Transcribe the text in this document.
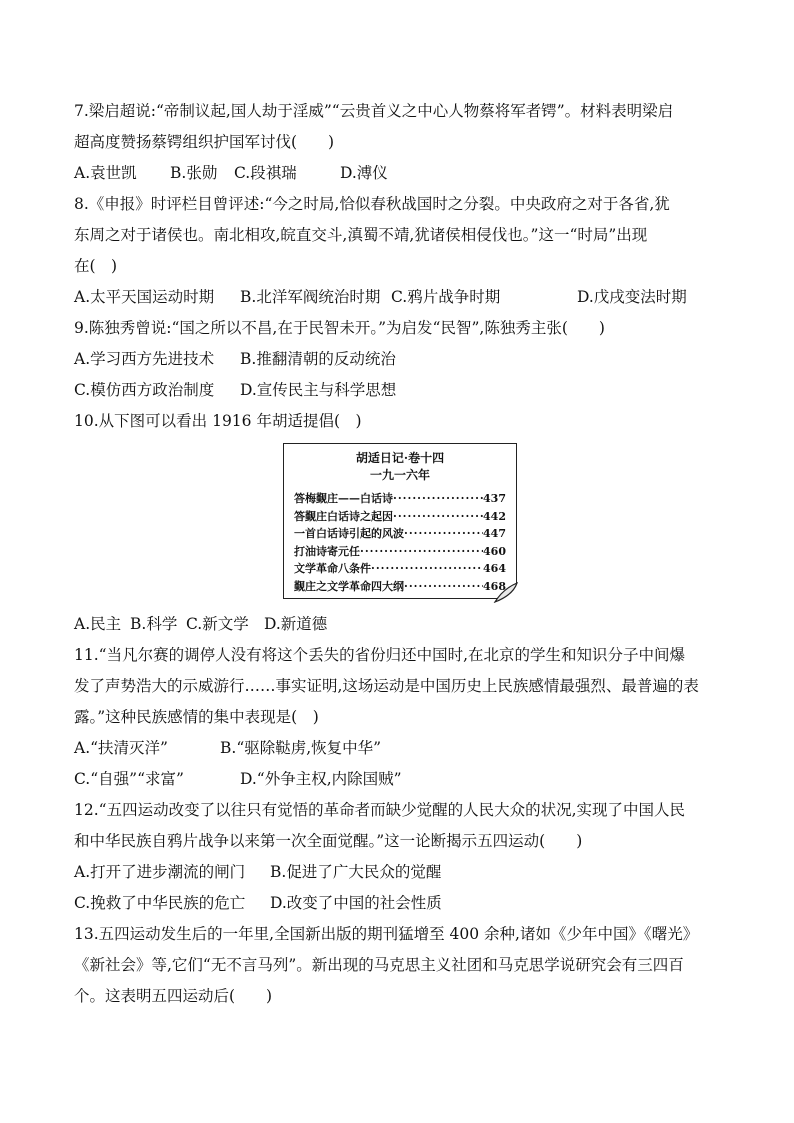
7.梁启超说:“帝制议起,国人劫于淫威”“云贵首义之中心人物蔡将军者锷”。材料表明梁启
超高度赞扬蔡锷组织护国军讨伐(　　)
A.袁世凯 B.张勋 C.段祺瑞	D.溥仪
8.《申报》时评栏目曾评述:“今之时局,恰似春秋战国时之分裂。中央政府之对于各省,犹
东周之对于诸侯也。南北相攻,皖直交斗,滇蜀不靖,犹诸侯相侵伐也。”这一“时局”出现
在(　)
A.太平天国运动时期 B.北洋军阀统治时期 C.鸦片战争时期	D.戊戌变法时期
9.陈独秀曾说:“国之所以不昌,在于民智未开。”为启发“民智”,陈独秀主张(　　)
A.学习西方先进技术 B.推翻清朝的反动统治
C.模仿西方政治制度 D.宣传民主与科学思想
10.从下图可以看出 1916 年胡适提倡(　)
胡适日记·卷十四
一九一六年
答梅觐庄——白话诗 ·····	437
答觐庄白话诗之起因 ·····	442
一首白话诗引起的风波 ·····	447
打油诗寄元任 ·····	460
文学革命八条件 ·····	464
觐庄之文学革命四大纲 ·····	468
A.民主 B.科学 C.新文学 D.新道德
11.“当凡尔赛的调停人没有将这个丢失的省份归还中国时,在北京的学生和知识分子中间爆
发了声势浩大的示威游行……事实证明,这场运动是中国历史上民族感情最强烈、最普遍的表
露。”这种民族感情的集中表现是(　)
A.“扶清灭洋”	B.“驱除鞑虏,恢复中华”
C.“自强”“求富”	D.“外争主权,内除国贼”
12.“五四运动改变了以往只有觉悟的革命者而缺少觉醒的人民大众的状况,实现了中国人民
和中华民族自鸦片战争以来第一次全面觉醒。”这一论断揭示五四运动(　　)
A.打开了进步潮流的闸门 B.促进了广大民众的觉醒
C.挽救了中华民族的危亡 D.改变了中国的社会性质
13.五四运动发生后的一年里,全国新出版的期刊猛增至 400 余种,诸如《少年中国》《曙光》
《新社会》等,它们“无不言马列”。新出现的马克思主义社团和马克思学说研究会有三四百
个。这表明五四运动后(　　)
